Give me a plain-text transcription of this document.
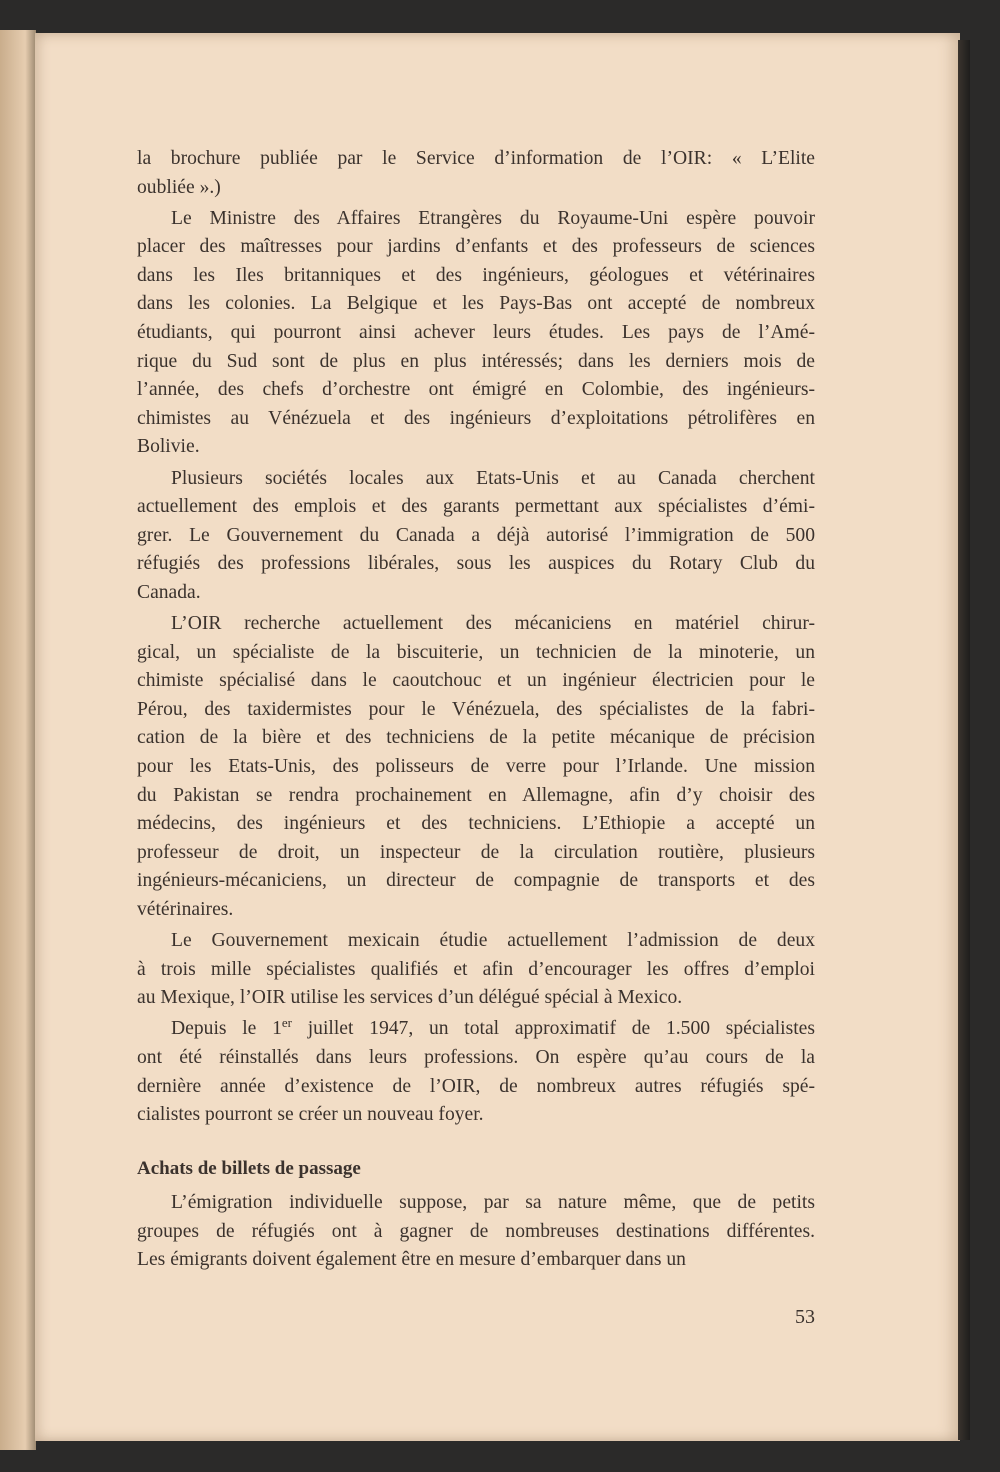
la brochure publiée par le Service d’information de l’OIR: « L’Elite
oubliée ».)
Le Ministre des Affaires Etrangères du Royaume-Uni espère pouvoir
placer des maîtresses pour jardins d’enfants et des professeurs de sciences
dans les Iles britanniques et des ingénieurs, géologues et vétérinaires
dans les colonies. La Belgique et les Pays-Bas ont accepté de nombreux
étudiants, qui pourront ainsi achever leurs études. Les pays de l’Amé-
rique du Sud sont de plus en plus intéressés; dans les derniers mois de
l’année, des chefs d’orchestre ont émigré en Colombie, des ingénieurs-
chimistes au Vénézuela et des ingénieurs d’exploitations pétrolifères en
Bolivie.
Plusieurs sociétés locales aux Etats-Unis et au Canada cherchent
actuellement des emplois et des garants permettant aux spécialistes d’émi-
grer. Le Gouvernement du Canada a déjà autorisé l’immigration de 500
réfugiés des professions libérales, sous les auspices du Rotary Club du
Canada.
L’OIR recherche actuellement des mécaniciens en matériel chirur-
gical, un spécialiste de la biscuiterie, un technicien de la minoterie, un
chimiste spécialisé dans le caoutchouc et un ingénieur électricien pour le
Pérou, des taxidermistes pour le Vénézuela, des spécialistes de la fabri-
cation de la bière et des techniciens de la petite mécanique de précision
pour les Etats-Unis, des polisseurs de verre pour l’Irlande. Une mission
du Pakistan se rendra prochainement en Allemagne, afin d’y choisir des
médecins, des ingénieurs et des techniciens. L’Ethiopie a accepté un
professeur de droit, un inspecteur de la circulation routière, plusieurs
ingénieurs-mécaniciens, un directeur de compagnie de transports et des
vétérinaires.
Le Gouvernement mexicain étudie actuellement l’admission de deux
à trois mille spécialistes qualifiés et afin d’encourager les offres d’emploi
au Mexique, l’OIR utilise les services d’un délégué spécial à Mexico.
Depuis le 1er juillet 1947, un total approximatif de 1.500 spécialistes
ont été réinstallés dans leurs professions. On espère qu’au cours de la
dernière année d’existence de l’OIR, de nombreux autres réfugiés spé-
cialistes pourront se créer un nouveau foyer.
Achats de billets de passage
L’émigration individuelle suppose, par sa nature même, que de petits
groupes de réfugiés ont à gagner de nombreuses destinations différentes.
Les émigrants doivent également être en mesure d’embarquer dans un
53
